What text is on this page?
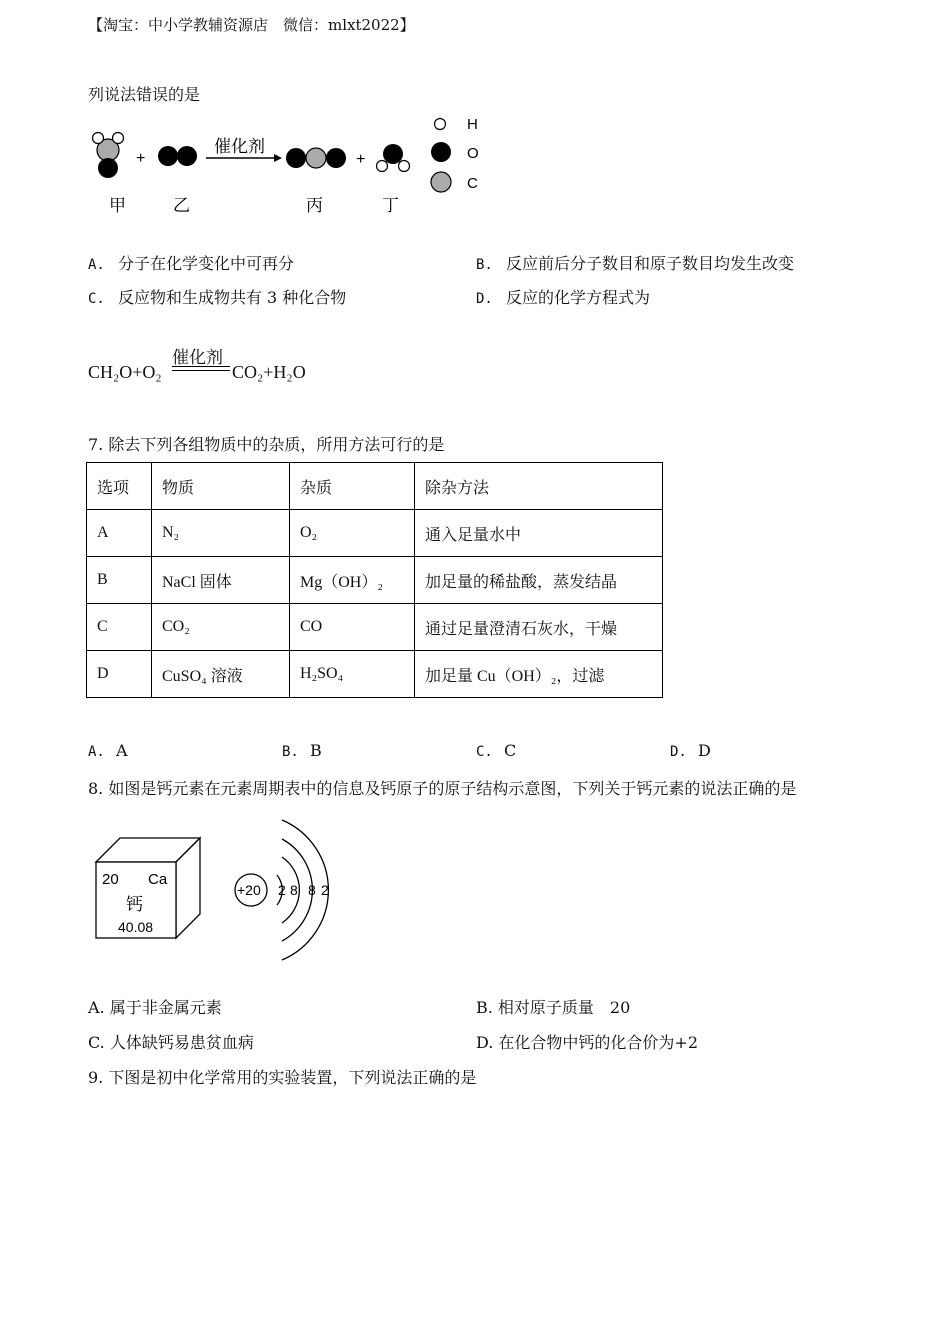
【淘宝：中小学教辅资源店　微信：mlxt2022】
列说法错误的是
+
催化剂
+
H
O
C
甲	乙	丙	丁
A. 分子在化学变化中可再分	B. 反应前后分子数目和原子数目均发生改变
C. 反应物和生成物共有 3 种化合物	D. 反应的化学方程式为
CH₂O+O₂
催化剂
CO₂+H₂O
7. 除去下列各组物质中的杂质，所用方法可行的是
选项	物质	杂质	除杂方法
A	N₂	O₂	通入足量水中
B	NaCl 固体	Mg（OH）₂	加足量的稀盐酸，蒸发结晶
C	CO₂	CO	通过足量澄清石灰水，干燥
D	CuSO₄ 溶液	H₂SO₄	加足量 Cu（OH）₂，过滤
A. A	B. B	C. C	D. D
8. 如图是钙元素在元素周期表中的信息及钙原子的原子结构示意图，下列关于钙元素的说法正确的是
20 Ca
钙
40.08
+20 2 8 8 2
A. 属于非金属元素	B. 相对原子质量　20
C. 人体缺钙易患贫血病	D. 在化合物中钙的化合价为+2
9. 下图是初中化学常用的实验装置，下列说法正确的是
